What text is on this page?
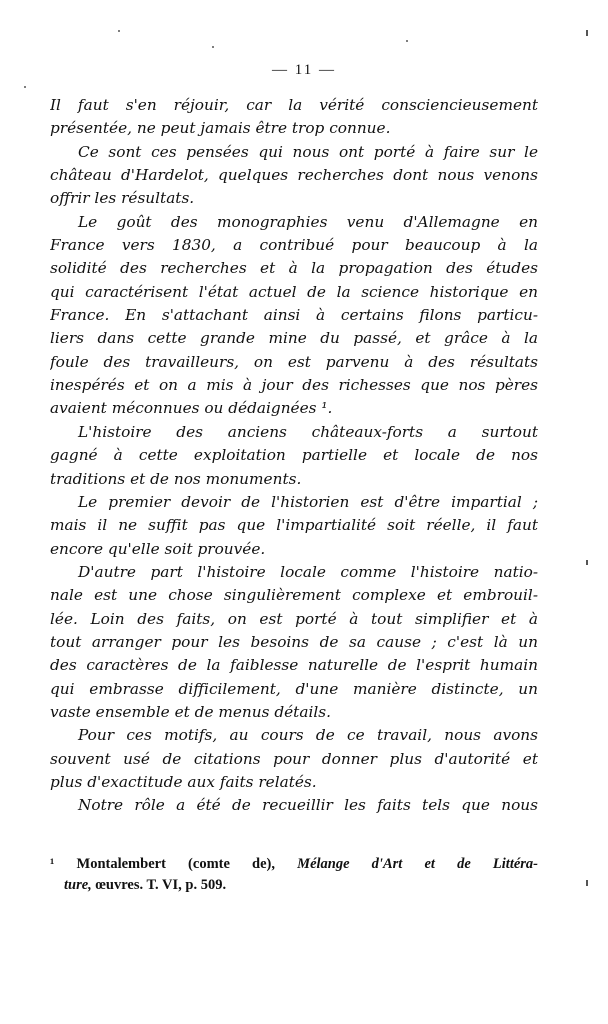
— 11 —
Il faut s'en réjouir, car la vérité consciencieusement
présentée, ne peut jamais être trop connue.
Ce sont ces pensées qui nous ont porté à faire sur le
château d'Hardelot, quelques recherches dont nous venons
offrir les résultats.
Le goût des monographies venu d'Allemagne en
France vers 1830, a contribué pour beaucoup à la
solidité des recherches et à la propagation des études
qui caractérisent l'état actuel de la science historique en
France. En s'attachant ainsi à certains filons particu-
liers dans cette grande mine du passé, et grâce à la
foule des travailleurs, on est parvenu à des résultats
inespérés et on a mis à jour des richesses que nos pères
avaient méconnues ou dédaignées ¹.
L'histoire des anciens châteaux-forts a surtout
gagné à cette exploitation partielle et locale de nos
traditions et de nos monuments.
Le premier devoir de l'historien est d'être impartial ;
mais il ne suffit pas que l'impartialité soit réelle, il faut
encore qu'elle soit prouvée.
D'autre part l'histoire locale comme l'histoire natio-
nale est une chose singulièrement complexe et embrouil-
lée. Loin des faits, on est porté à tout simplifier et à
tout arranger pour les besoins de sa cause ; c'est là un
des caractères de la faiblesse naturelle de l'esprit humain
qui embrasse difficilement, d'une manière distincte, un
vaste ensemble et de menus détails.
Pour ces motifs, au cours de ce travail, nous avons
souvent usé de citations pour donner plus d'autorité et
plus d'exactitude aux faits relatés.
Notre rôle a été de recueillir les faits tels que nous
¹ Montalembert (comte de), Mélange d'Art et de Littéra-
ture, œuvres. T. VI, p. 509.
